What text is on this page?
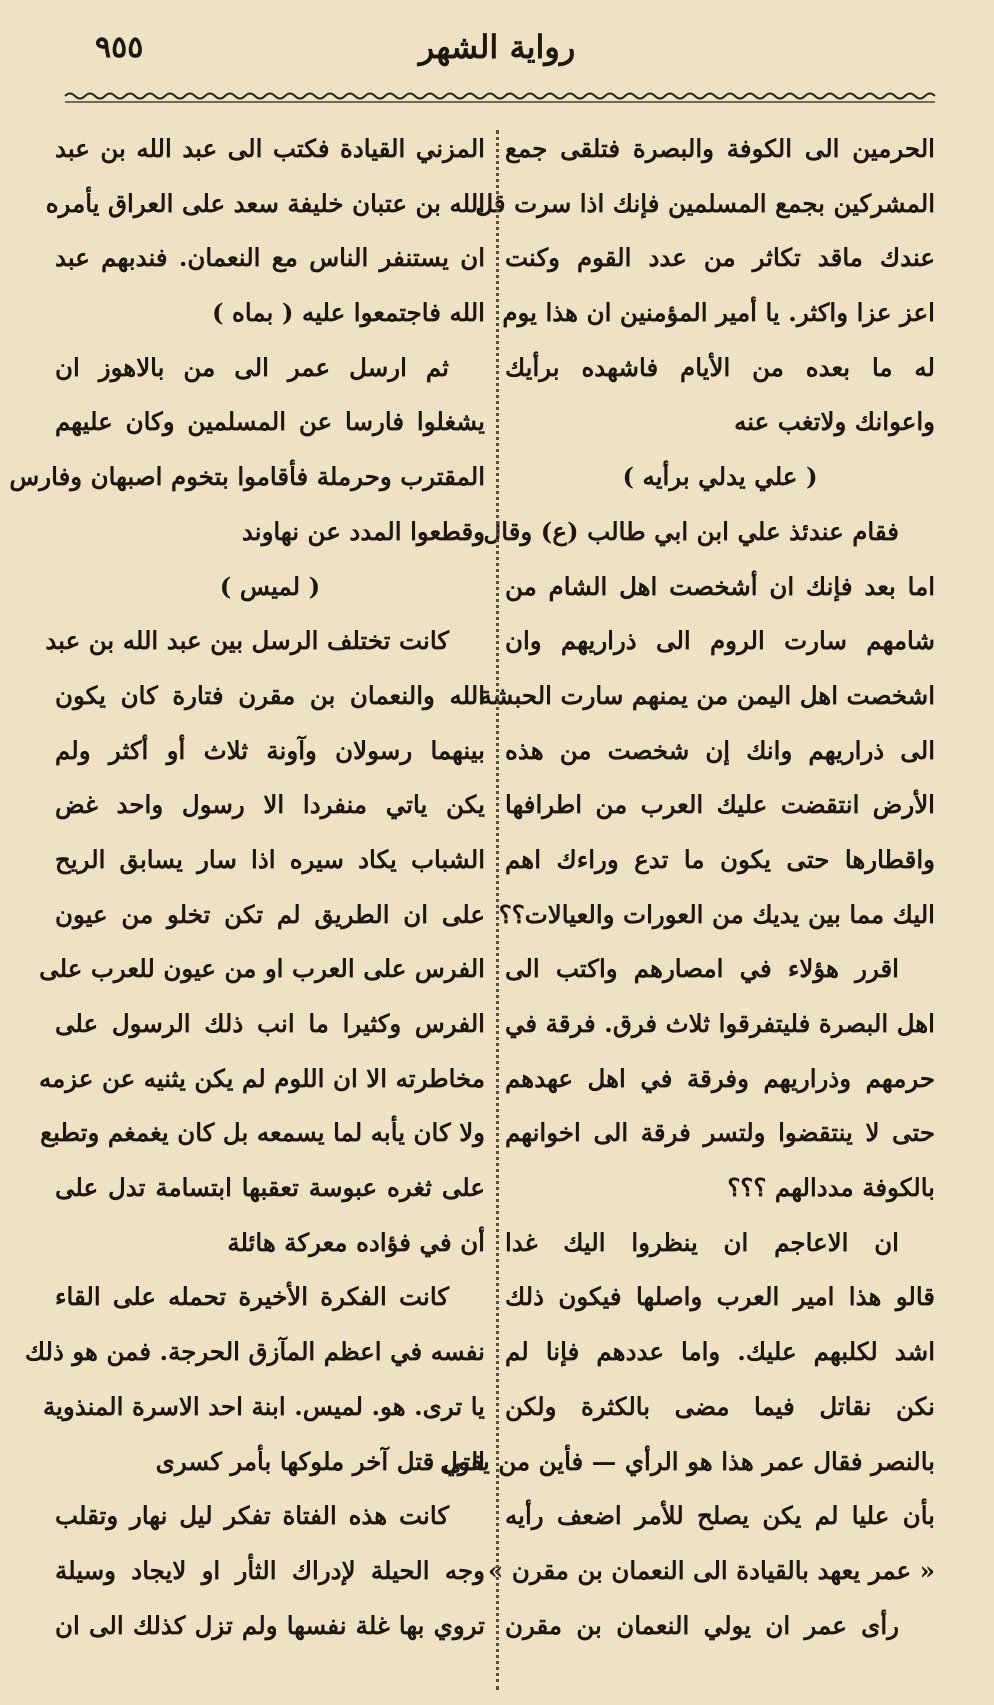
٩٥٥	رواية الشهر
الحرمين الى الكوفة والبصرة فتلقى جمع
المشركين بجمع المسلمين فإنك اذا سرت قل
عندك ماقد تكاثر من عدد القوم وكنت
اعز عزا واكثر. يا أمير المؤمنين ان هذا يوم
له ما بعده من الأيام فاشهده برأيك
واعوانك ولاتغب عنه
( علي يدلي برأيه )
فقام عندئذ علي ابن ابي طالب (ع) وقال
اما بعد فإنك ان أشخصت اهل الشام من
شامهم سارت الروم الى ذراريهم وان
اشخصت اهل اليمن من يمنهم سارت الحبشة
الى ذراريهم وانك إن شخصت من هذه
الأرض انتقضت عليك العرب من اطرافها
واقطارها حتى يكون ما تدع وراءك اهم
اليك مما بين يديك من العورات والعيالات؟؟
اقرر هؤلاء في امصارهم واكتب الى
اهل البصرة فليتفرقوا ثلاث فرق. فرقة في
حرمهم وذراريهم وفرقة في اهل عهدهم
حتى لا ينتقضوا ولتسر فرقة الى اخوانهم
بالكوفة مددالهم ؟؟؟
ان الاعاجم ان ينظروا اليك غدا
قالو هذا امير العرب واصلها فيكون ذلك
اشد لكلبهم عليك. واما عددهم فإنا لم
نكن نقاتل فيما مضى بالكثرة ولكن
بالنصر فقال عمر هذا هو الرأي — فأين من يقول
بأن عليا لم يكن يصلح للأمر اضعف رأيه
« عمر يعهد بالقيادة الى النعمان بن مقرن »
رأى عمر ان يولي النعمان بن مقرن
المزني القيادة فكتب الى عبد الله بن عبد
الله بن عتبان خليفة سعد على العراق يأمره
ان يستنفر الناس مع النعمان. فندبهم عبد
الله فاجتمعوا عليه ( بماه )
ثم ارسل عمر الى من بالاهوز ان
يشغلوا فارسا عن المسلمين وكان عليهم
المقترب وحرملة فأقاموا بتخوم اصبهان وفارس
وقطعوا المدد عن نهاوند
( لميس )
كانت تختلف الرسل بين عبد الله بن عبد
الله والنعمان بن مقرن فتارة كان يكون
بينهما رسولان وآونة ثلاث أو أكثر ولم
يكن ياتي منفردا الا رسول واحد غض
الشباب يكاد سيره اذا سار يسابق الريح
على ان الطريق لم تكن تخلو من عيون
الفرس على العرب او من عيون للعرب على
الفرس وكثيرا ما انب ذلك الرسول على
مخاطرته الا ان اللوم لم يكن يثنيه عن عزمه
ولا كان يأبه لما يسمعه بل كان يغمغم وتطبع
على ثغره عبوسة تعقبها ابتسامة تدل على
أن في فؤاده معركة هائلة
كانت الفكرة الأخيرة تحمله على القاء
نفسه في اعظم المآزق الحرجة. فمن هو ذلك
يا ترى. هو. لميس. ابنة احد الاسرة المنذوية
التي قتل آخر ملوكها بأمر كسرى
كانت هذه الفتاة تفكر ليل نهار وتقلب
وجه الحيلة لإدراك الثأر او لايجاد وسيلة
تروي بها غلة نفسها ولم تزل كذلك الى ان
